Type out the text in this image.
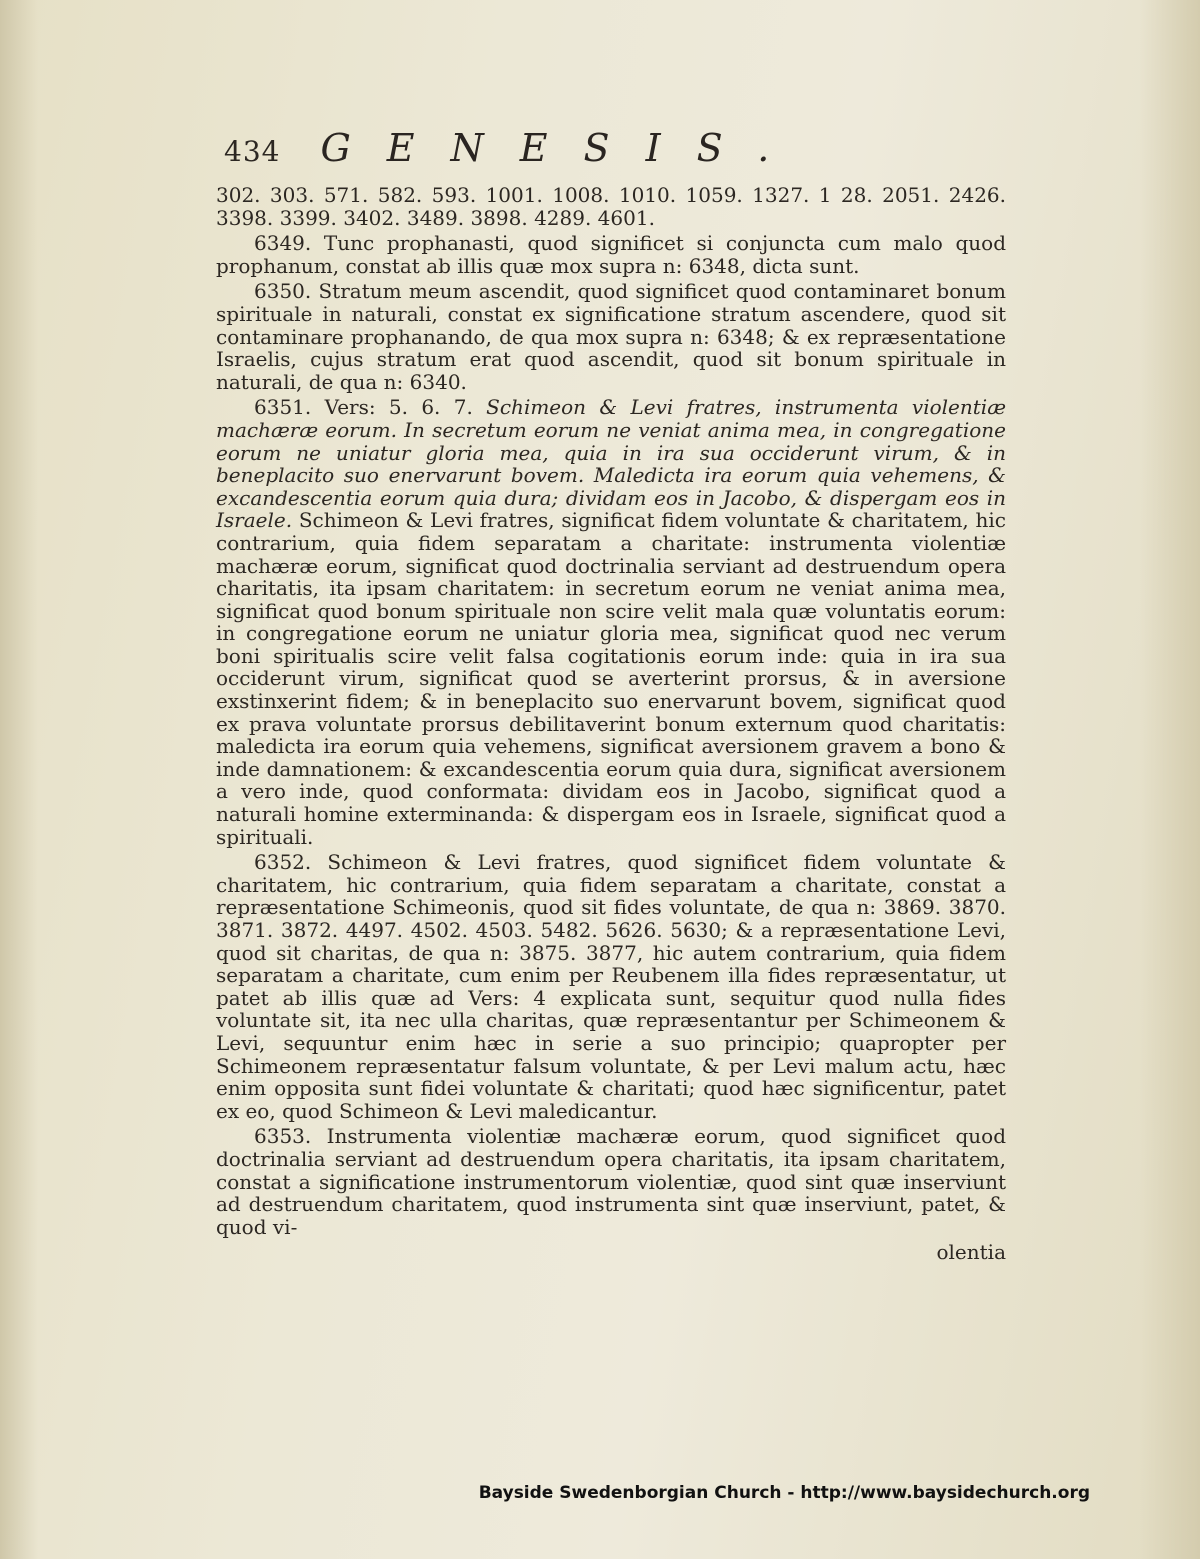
434 GENESIS.

302. 303. 571. 582. 593. 1001. 1008. 1010. 1059. 1327. 1 28. 2051. 2426. 3398. 3399. 3402. 3489. 3898. 4289. 4601.

6349. Tunc prophanasti, quod significet si conjuncta cum malo quod prophanum, constat ab illis quæ mox supra n: 6348, dicta sunt.

6350. Stratum meum ascendit, quod significet quod contaminaret bonum spirituale in naturali, constat ex significatione stratum ascendere, quod sit contaminare prophanando, de qua mox supra n: 6348; & ex repræsentatione Israelis, cujus stratum erat quod ascendit, quod sit bonum spirituale in naturali, de qua n: 6340.

6351. Vers: 5. 6. 7. Schimeon & Levi fratres, instrumenta violentiæ machæræ eorum. In secretum eorum ne veniat anima mea, in congregatione eorum ne uniatur gloria mea, quia in ira sua occiderunt virum, & in beneplacito suo enervarunt bovem. Maledicta ira eorum quia vehemens, & excandescentia eorum quia dura; dividam eos in Jacobo, & dispergam eos in Israele. Schimeon & Levi fratres, significat fidem voluntate & charitatem, hic contrarium, quia fidem separatam a charitate: instrumenta violentiæ machæræ eorum, significat quod doctrinalia serviant ad destruendum opera charitatis, ita ipsam charitatem: in secretum eorum ne veniat anima mea, significat quod bonum spirituale non scire velit mala quæ voluntatis eorum: in congregatione eorum ne uniatur gloria mea, significat quod nec verum boni spiritualis scire velit falsa cogitationis eorum inde: quia in ira sua occiderunt virum, significat quod se averterint prorsus, & in aversione exstinxerint fidem; & in beneplacito suo enervarunt bovem, significat quod ex prava voluntate prorsus debilitaverint bonum externum quod charitatis: maledicta ira eorum quia vehemens, significat aversionem gravem a bono & inde damnationem: & excandescentia eorum quia dura, significat aversionem a vero inde, quod conformata: dividam eos in Jacobo, significat quod a naturali homine exterminanda: & dispergam eos in Israele, significat quod a spirituali.

6352. Schimeon & Levi fratres, quod significet fidem voluntate & charitatem, hic contrarium, quia fidem separatam a charitate, constat a repræsentatione Schimeonis, quod sit fides voluntate, de qua n: 3869. 3870. 3871. 3872. 4497. 4502. 4503. 5482. 5626. 5630; & a repræsentatione Levi, quod sit charitas, de qua n: 3875. 3877, hic autem contrarium, quia fidem separatam a charitate, cum enim per Reubenem illa fides repræsentatur, ut patet ab illis quæ ad Vers: 4 explicata sunt, sequitur quod nulla fides voluntate sit, ita nec ulla charitas, quæ repræsentantur per Schimeonem & Levi, sequuntur enim hæc in serie a suo principio; quapropter per Schimeonem repræsentatur falsum voluntate, & per Levi malum actu, hæc enim opposita sunt fidei voluntate & charitati; quod hæc significentur, patet ex eo, quod Schimeon & Levi maledicantur.

6353. Instrumenta violentiæ machæræ eorum, quod significet quod doctrinalia serviant ad destruendum opera charitatis, ita ipsam charitatem, constat a significatione instrumentorum violentiæ, quod sint quæ inserviunt ad destruendum charitatem, quod instrumenta sint quæ inserviunt, patet, & quod vi-

olentia

Bayside Swedenborgian Church - http://www.baysidechurch.org
